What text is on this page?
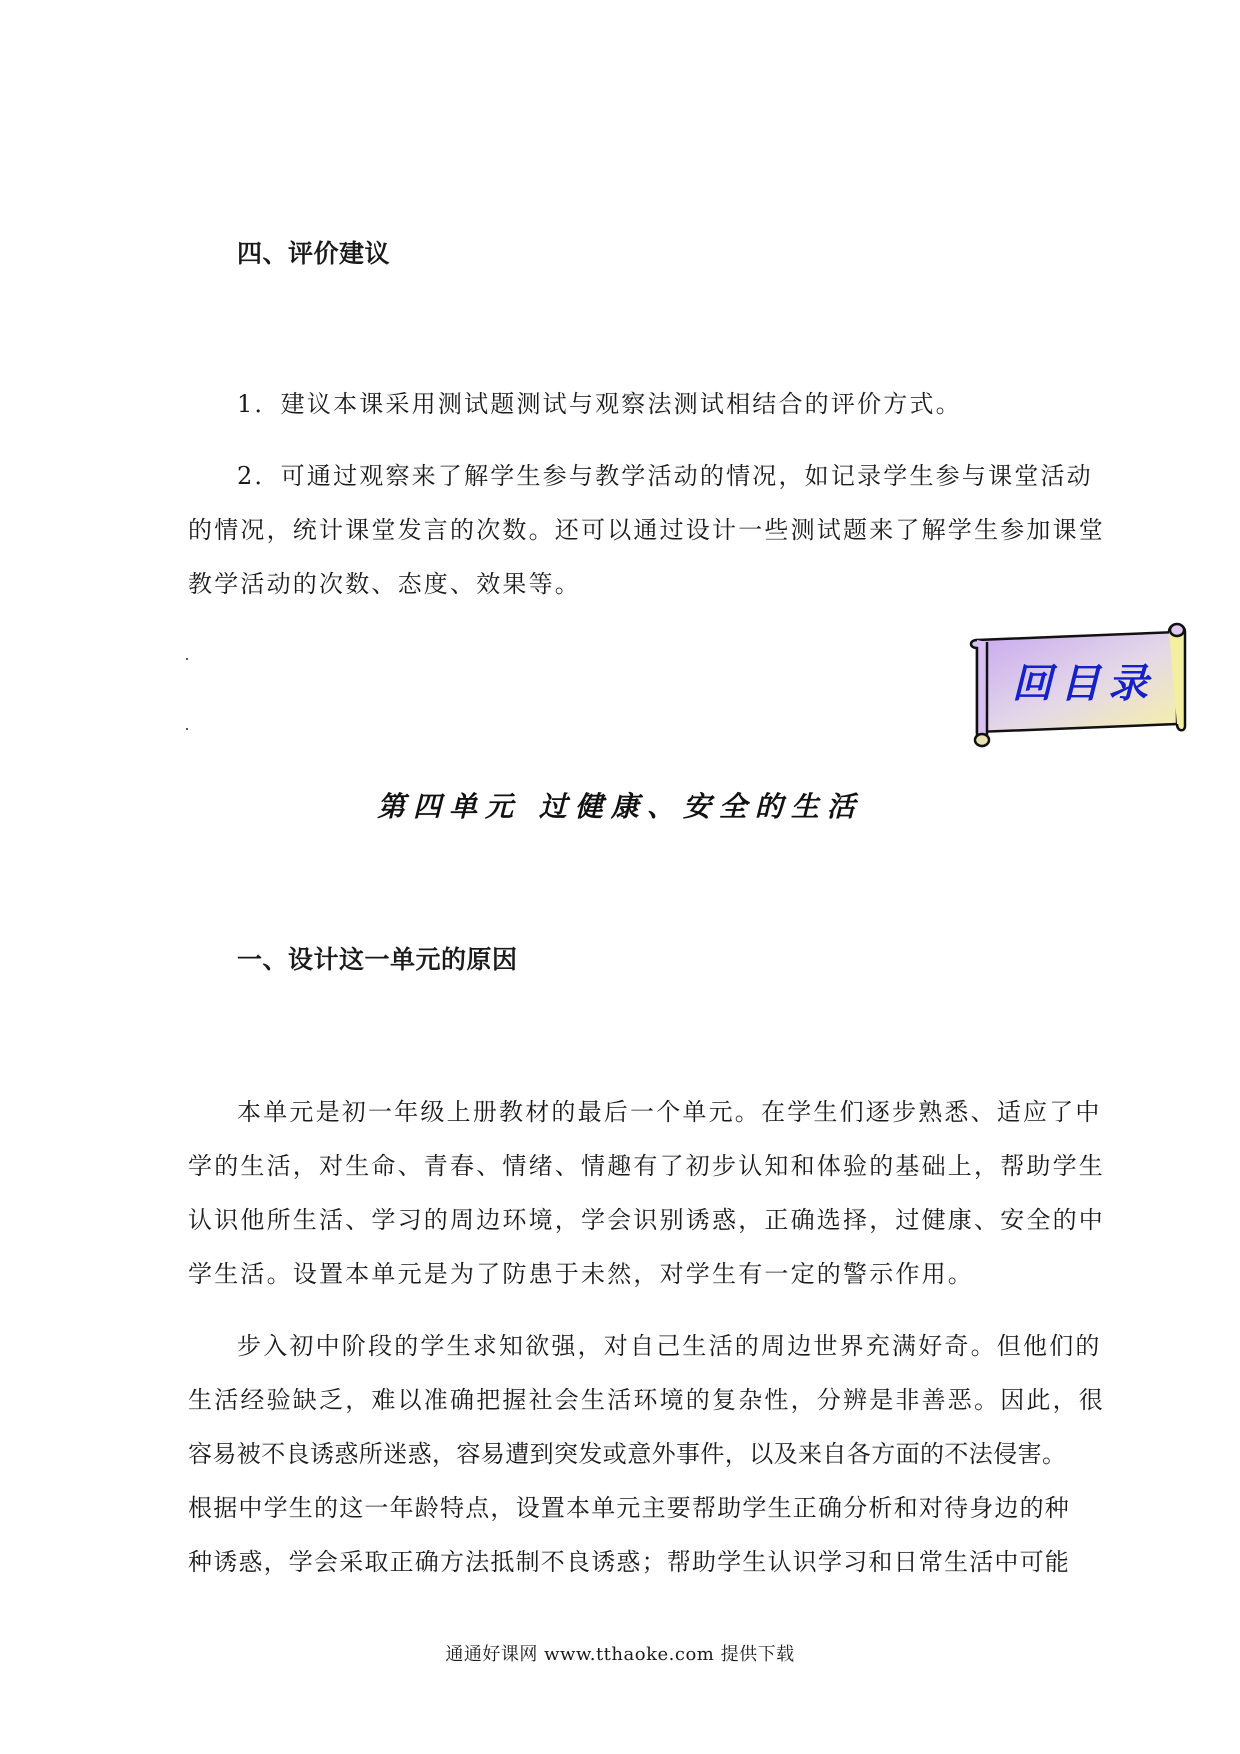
四、评价建议
1．建议本课采用测试题测试与观察法测试相结合的评价方式。
2．可通过观察来了解学生参与教学活动的情况，如记录学生参与课堂活动
的情况，统计课堂发言的次数。还可以通过设计一些测试题来了解学生参加课堂
教学活动的次数、态度、效果等。
回目录
第四单元 过健康、安全的生活
一、设计这一单元的原因
本单元是初一年级上册教材的最后一个单元。在学生们逐步熟悉、适应了中
学的生活，对生命、青春、情绪、情趣有了初步认知和体验的基础上，帮助学生
认识他所生活、学习的周边环境，学会识别诱惑，正确选择，过健康、安全的中
学生活。设置本单元是为了防患于未然，对学生有一定的警示作用。
步入初中阶段的学生求知欲强，对自己生活的周边世界充满好奇。但他们的
生活经验缺乏，难以准确把握社会生活环境的复杂性，分辨是非善恶。因此，很
容易被不良诱惑所迷惑，容易遭到突发或意外事件，以及来自各方面的不法侵害。
根据中学生的这一年龄特点，设置本单元主要帮助学生正确分析和对待身边的种
种诱惑，学会采取正确方法抵制不良诱惑；帮助学生认识学习和日常生活中可能
通通好课网 www.tthaoke.com 提供下载
